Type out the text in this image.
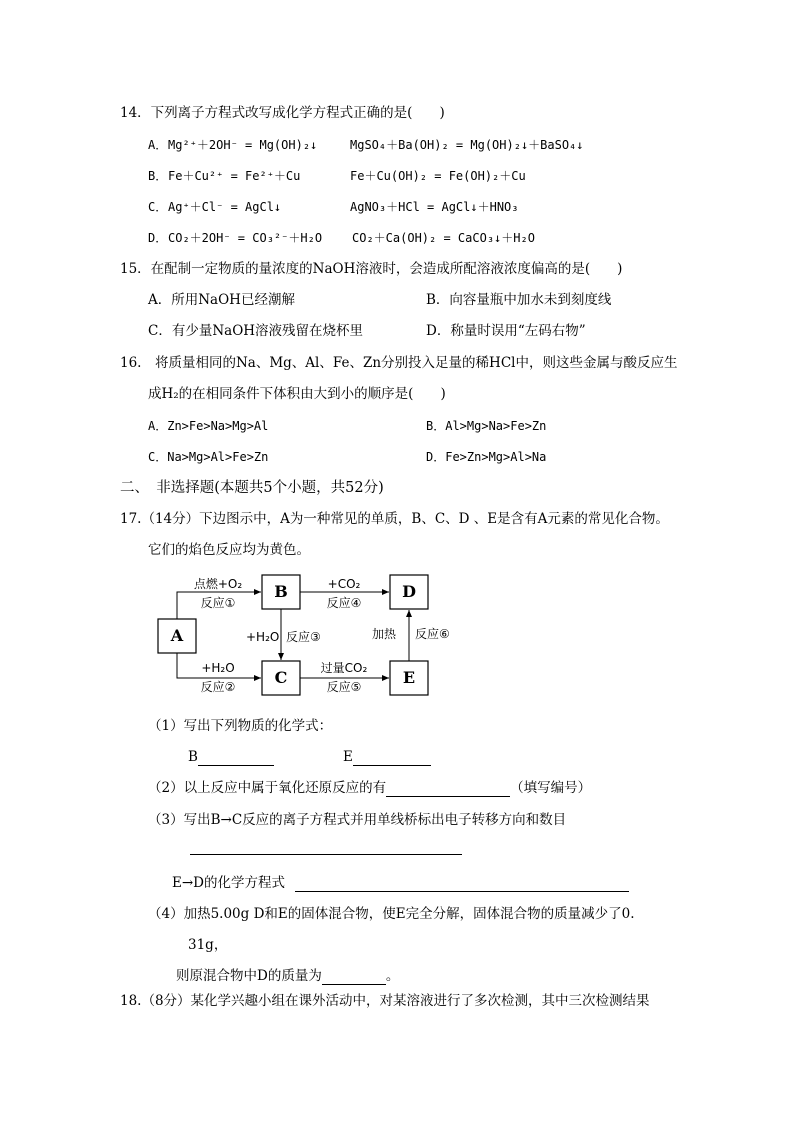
14．下列离子方程式改写成化学方程式正确的是(　　)
A． Mg²⁺＋2OH⁻ = Mg(OH)₂↓	MgSO₄＋Ba(OH)₂ = Mg(OH)₂↓＋BaSO₄↓
B． Fe＋Cu²⁺ = Fe²⁺＋Cu	Fe＋Cu(OH)₂ = Fe(OH)₂＋Cu
C． Ag⁺＋Cl⁻ = AgCl↓	AgNO₃＋HCl = AgCl↓＋HNO₃
D． CO₂＋2OH⁻ = CO₃²⁻＋H₂O CO₂＋Ca(OH)₂ = CaCO₃↓＋H₂O
15．在配制一定物质的量浓度的NaOH溶液时，会造成所配溶液浓度偏高的是(　　)
A．所用NaOH已经潮解	B．向容量瓶中加水未到刻度线
C．有少量NaOH溶液残留在烧杯里	D．称量时误用“左码右物”
16.　将质量相同的Na、Mg、Al、Fe、Zn分别投入足量的稀HCl中，则这些金属与酸反应生
成H₂的在相同条件下体积由大到小的顺序是(　　)
A．Zn>Fe>Na>Mg>Al	B．Al>Mg>Na>Fe>Zn
C．Na>Mg>Al>Fe>Zn	D．Fe>Zn>Mg>Al>Na
二、　非选择题(本题共5个小题，共52分)
17.（14分）下边图示中，A为一种常见的单质，B、C、D 、E是含有A元素的常见化合物。
它们的焰色反应均为黄色。
A
B
C
D
E
点燃+O₂
反应①
+H₂O
反应②
+H₂O 反应③
+CO₂
反应④
过量CO₂
反应⑤
加热 反应⑥
（1）写出下列物质的化学式：
B	E
（2）以上反应中属于氧化还原反应的有	（填写编号）
（3）写出B→C反应的离子方程式并用单线桥标出电子转移方向和数目
E→D的化学方程式
（4）加热5.00g D和E的固体混合物，使E完全分解，固体混合物的质量减少了0.
31g，
则原混合物中D的质量为	。
18.（8分）某化学兴趣小组在课外活动中，对某溶液进行了多次检测，其中三次检测结果
